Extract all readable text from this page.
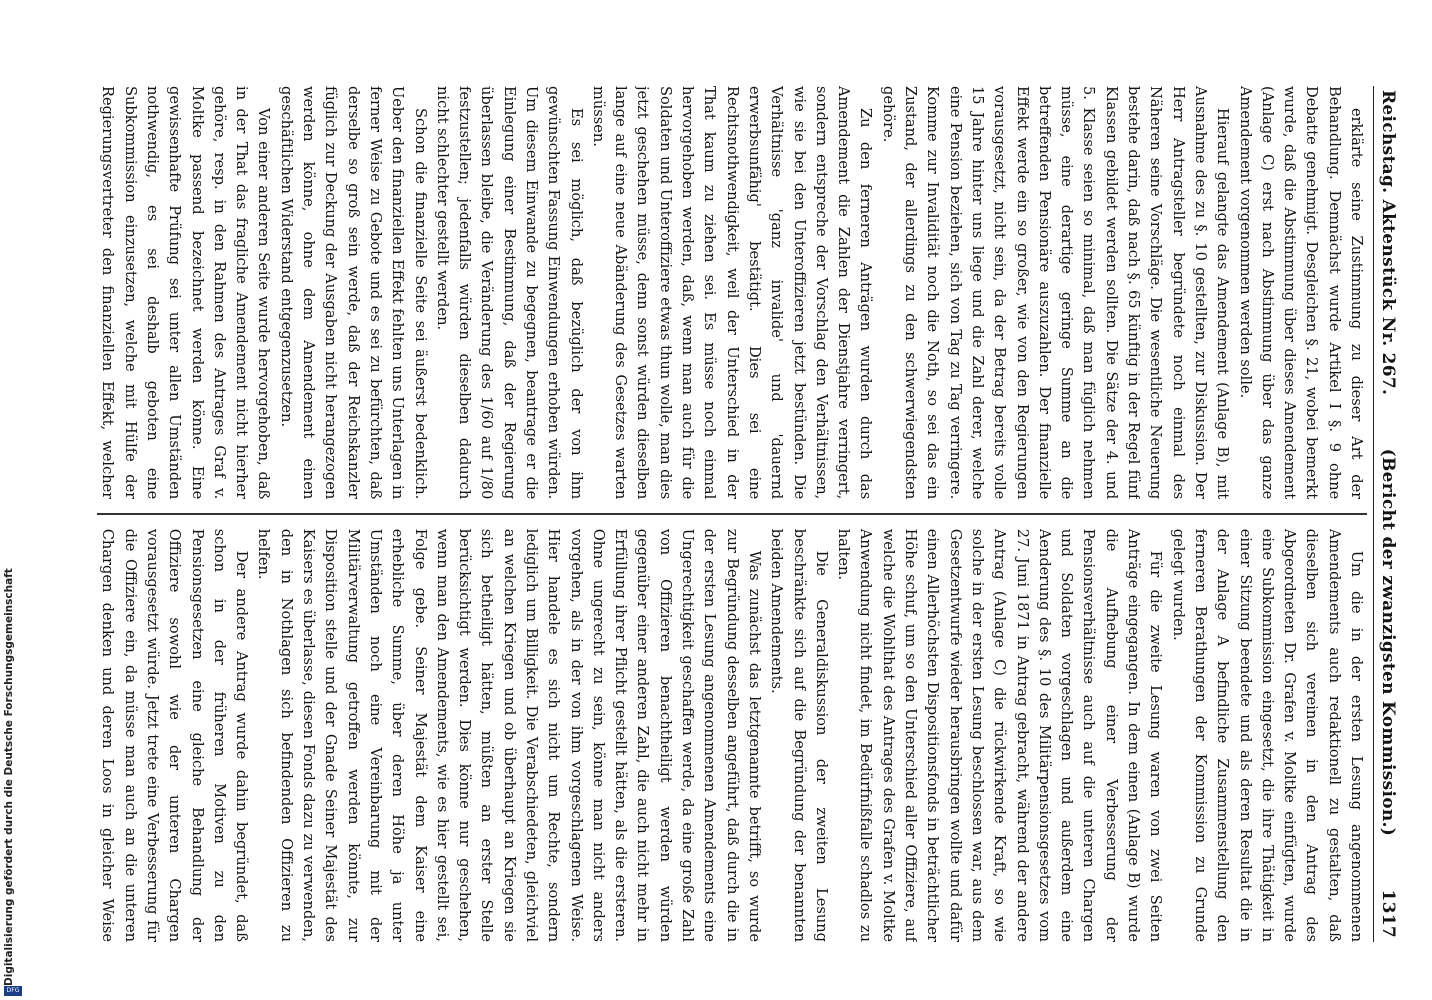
Digitalisierung gefördert durch die Deutsche Forschungsgemeinschaft
DFG
Reichstag. Aktenstück Nr. 267.
(Bericht der zwanzigsten Kommission.)
1317

erklärte seine Zustimmung zu dieser Art der Behandlung. Demnächst wurde Artikel I §. 9 ohne Debatte genehmigt. Desgleichen §. 21, wobei bemerkt wurde, daß die Abstimmung über dieses Amendement (Anlage C) erst nach Abstimmung über das ganze Amendement vorgenommen werden solle.

Hierauf gelangte das Amendement (Anlage B), mit Ausnahme des zu §. 10 gestellten, zur Diskussion. Der Herr Antragsteller begründete noch einmal des Näheren seine Vorschläge. Die wesentliche Neuerung bestehe darin, daß nach §. 65 künftig in der Regel fünf Klassen gebildet werden sollten. Die Sätze der 4. und 5. Klasse seien so minimal, daß man füglich nehmen müsse, eine derartige geringe Summe an die betreffenden Pensionäre auszuzahlen. Der finanzielle Effekt werde ein so großer, wie von den Regierungen vorausgesetzt, nicht sein, da der Betrag bereits volle 15 Jahre hinter uns liege und die Zahl derer, welche eine Pension beziehen, sich von Tag zu Tag verringere. Komme zur Invalidität noch die Noth, so sei das ein Zustand, der allerdings zu den schwerwiegendsten gehöre.

Zu den ferneren Anträgen wurden durch das Amendement die Zahlen der Dienstjahre verringert, sondern entspreche der Vorschlag den Verhältnissen, wie sie bei den Unteroffizieren jetzt bestünden. Die Verhältnisse 'ganz invalide' und 'dauernd erwerbsunfähig' bestätigt. Dies sei eine Rechtsnothwendigkeit, weil der Unterschied in der That kaum zu ziehen sei. Es müsse noch einmal hervorgehoben werden, daß, wenn man auch für die Soldaten und Unteroffiziere etwas thun wolle, man dies jetzt geschehen müsse, denn sonst würden dieselben lange auf eine neue Abänderung des Gesetzes warten müssen.

Es sei möglich, daß bezüglich der von ihm gewünschten Fassung Einwendungen erhoben würden. Um diesem Einwande zu begegnen, beantrage er die Einlegung einer Bestimmung, daß der Regierung überlassen bleibe, die Veränderung des 1/60 auf 1/80 festzustellen; jedenfalls würden dieselben dadurch nicht schlechter gestellt werden.

Schon die finanzielle Seite sei äußerst bedenklich. Ueber den finanziellen Effekt fehlten uns Unterlagen in ferner Weise zu Gebote und es sei zu befürchten, daß derselbe so groß sein werde, daß der Reichskanzler füglich zur Deckung der Ausgaben nicht herangezogen werden könne, ohne dem Amendement einen geschäftlichen Widerstand entgegenzusetzen.

Von einer anderen Seite wurde hervorgehoben, daß in der That das fragliche Amendement nicht hierher gehöre, resp. in den Rahmen des Antrages Graf v. Moltke passend bezeichnet werden könne. Eine gewissenhafte Prüfung sei unter allen Umständen nothwendig, es sei deshalb geboten eine Subkommission einzusetzen, welche mit Hülfe der Regierungsvertreter den finanziellen Effekt, welcher

Um die in der ersten Lesung angenommenen Amendements auch redaktionell zu gestalten, daß dieselben sich vereinen in den Antrag des Abgeordneten Dr. Grafen v. Moltke einfügten, wurde eine Subkommission eingesetzt, die ihre Thätigkeit in einer Sitzung beendete und als deren Resultat die in der Anlage A befindliche Zusammenstellung den ferneren Berathungen der Kommission zu Grunde gelegt wurden.

Für die zweite Lesung waren von zwei Seiten Anträge eingegangen. In dem einen (Anlage B) wurde die Aufhebung einer Verbesserung der Pensionsverhältnisse auch auf die unteren Chargen und Soldaten vorgeschlagen und außerdem eine Aenderung des §. 10 des Militärpensionsgesetzes vom 27. Juni 1871 in Antrag gebracht, während der andere Antrag (Anlage C) die rückwirkende Kraft, so wie solche in der ersten Lesung beschlossen war, aus dem Gesetzentwurfe wieder herausbringen wollte und dafür einen Allerhöchsten Dispositionsfonds in beträchtlicher Höhe schuf, um so den Unterschied aller Offiziere, auf welche die Wohlthat des Antrages des Grafen v. Moltke Anwendung nicht findet, im Bedürfnißfalle schadlos zu halten.

Die Generaldiskussion der zweiten Lesung beschränkte sich auf die Begründung der benannten beiden Amendements.

Was zunächst das letztgenannte betrifft, so wurde zur Begründung desselben angeführt, daß durch die in der ersten Lesung angenommenen Amendements eine Ungerechtigkeit geschaffen werde, da eine große Zahl von Offizieren benachtheiligt werden würden gegenüber einer anderen Zahl, die auch nicht mehr in Erfüllung ihrer Pflicht gestellt hätten, als die ersteren. Ohne ungerecht zu sein, könne man nicht anders vorgehen, als in der von ihm vorgeschlagenen Weise. Hier handele es sich nicht um Rechte, sondern lediglich um Billigkeit. Die Verabschiedeten, gleichviel an welchen Kriegen und ob überhaupt an Kriegen sie sich betheiligt hätten, müßten an erster Stelle berücksichtigt werden. Dies könne nur geschehen, wenn man den Amendements, wie es hier gestellt sei, Folge gebe. Seiner Majestät dem Kaiser eine erhebliche Summe, über deren Höhe ja unter Umständen noch eine Vereinbarung mit der Militärverwaltung getroffen werden könnte, zur Disposition stelle und der Gnade Seiner Majestät des Kaisers es überlasse, diesen Fonds dazu zu verwenden, den in Nothlagen sich befindenden Offizieren zu helfen.

Der andere Antrag wurde dahin begründet, daß schon in der früheren Motiven zu den Pensionsgesetzen eine gleiche Behandlung der Offiziere sowohl wie der unteren Chargen vorausgesetzt würde. Jetzt trete eine Verbesserung für die Offiziere ein, da müsse man auch an die unteren Chargen denken und deren Loos in gleicher Weise
